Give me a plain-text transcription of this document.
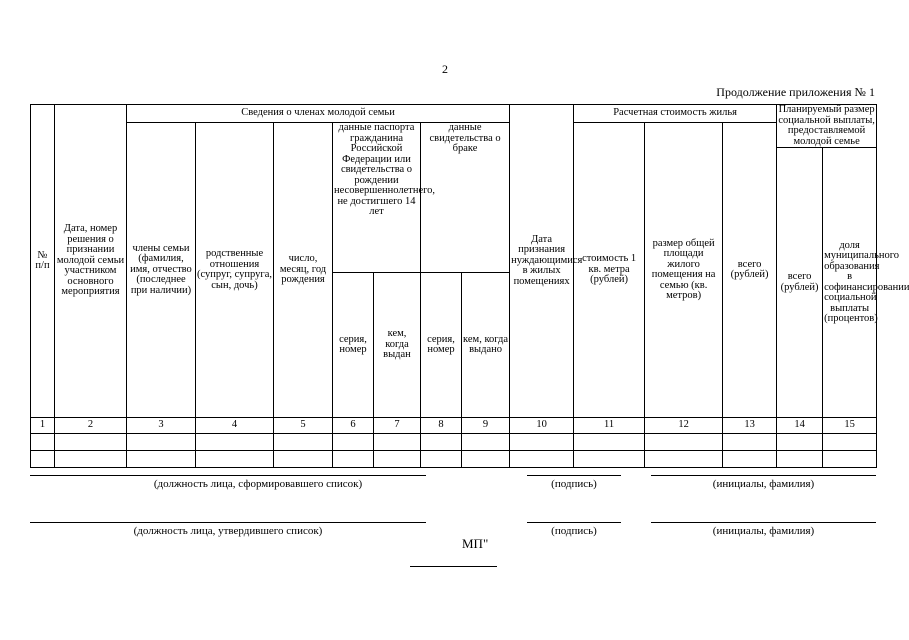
2
Продолжение приложения № 1
№ п/п	Дата, номер решения о признании молодой семьи участником основного мероприятия	Сведения о членах молодой семьи							Дата признания нуждающимися в жилых помещениях	Расчетная стоимость жилья			Планируемый размер социальной выплаты, предоставляемой молодой семье	
		члены семьи (фамилия, имя, отчество (последнее при наличии)	родственные отношения (супруг, супруга, сын, дочь)	число, месяц, год рождения	данные паспорта гражданина Российской Федерации или свидетельства о рождении несовершеннолетнего, не достигшего 14 лет		данные свидетельства о браке			стоимость 1 кв. метра (рублей)	размер общей площади жилого помещения на семью (кв. метров)	всего (рублей)		
													всего (рублей)	доля муниципального образования в софинансировании социальной выплаты (процентов)
					серия, номер	кем, когда выдан	серия, номер	кем, когда выдано						
1	2	3	4	5	6	7	8	9	10	11	12	13	14	15

(должность лица, сформировавшего список)	(подпись)	(инициалы, фамилия)
(должность лица, утвердившего список)	(подпись)	(инициалы, фамилия)
МП"
